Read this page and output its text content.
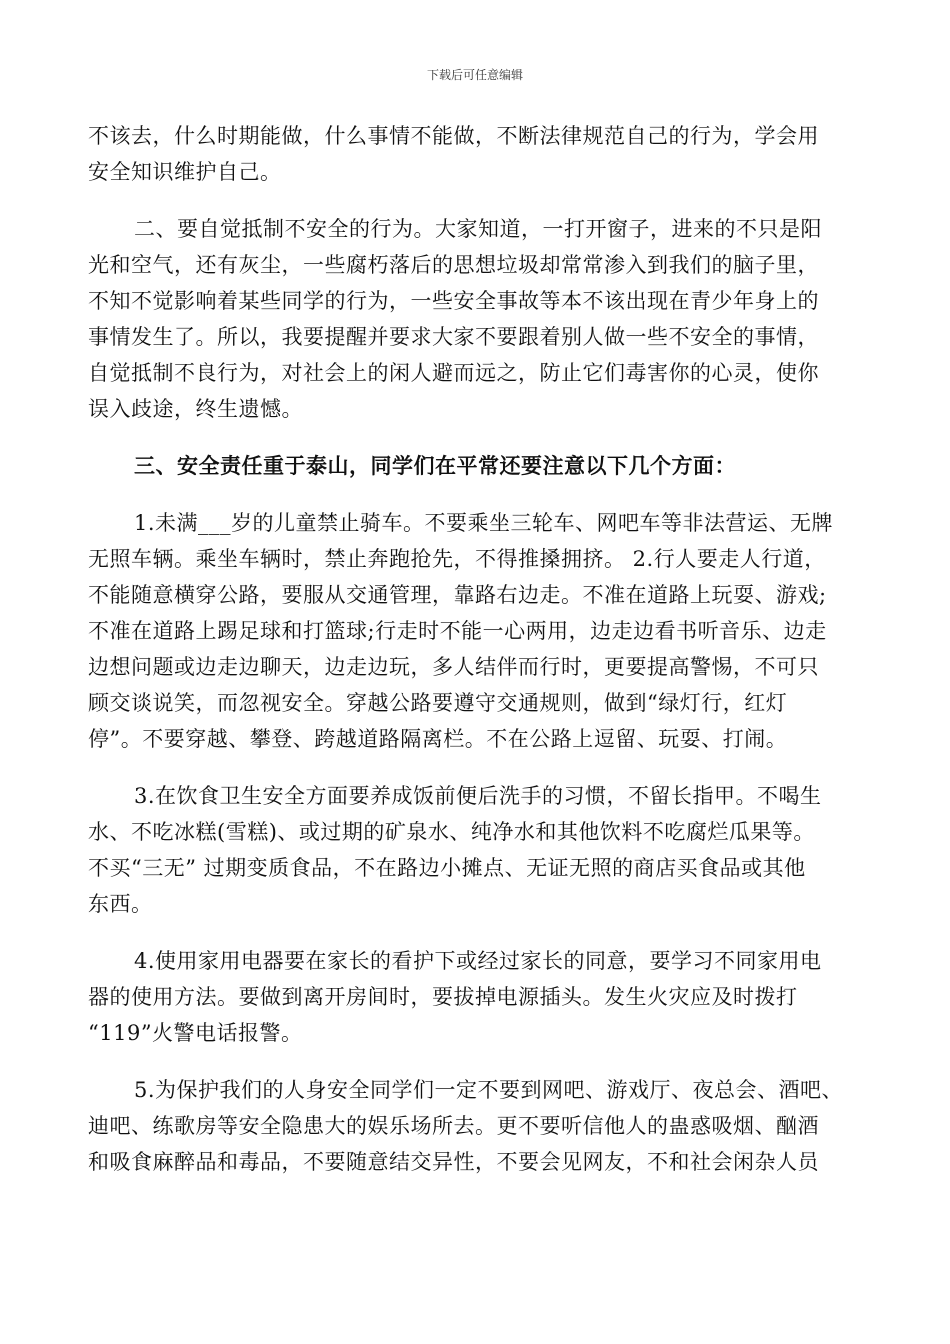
下载后可任意编辑
不该去，什么时期能做，什么事情不能做，不断法律规范自己的行为，学会用
安全知识维护自己。
二、要自觉抵制不安全的行为。大家知道，一打开窗子，进来的不只是阳
光和空气，还有灰尘，一些腐朽落后的思想垃圾却常常渗入到我们的脑子里，
不知不觉影响着某些同学的行为，一些安全事故等本不该出现在青少年身上的
事情发生了。所以，我要提醒并要求大家不要跟着别人做一些不安全的事情，
自觉抵制不良行为，对社会上的闲人避而远之，防止它们毒害你的心灵，使你
误入歧途，终生遗憾。
三、安全责任重于泰山，同学们在平常还要注意以下几个方面：
1.未满___岁的儿童禁止骑车。不要乘坐三轮车、网吧车等非法营运、无牌
无照车辆。乘坐车辆时，禁止奔跑抢先，不得推搡拥挤。 2.行人要走人行道，
不能随意横穿公路，要服从交通管理，靠路右边走。不准在道路上玩耍、游戏;
不准在道路上踢足球和打篮球;行走时不能一心两用，边走边看书听音乐、边走
边想问题或边走边聊天，边走边玩，多人结伴而行时，更要提高警惕，不可只
顾交谈说笑，而忽视安全。穿越公路要遵守交通规则，做到“绿灯行，红灯
停”。不要穿越、攀登、跨越道路隔离栏。不在公路上逗留、玩耍、打闹。
3.在饮食卫生安全方面要养成饭前便后洗手的习惯，不留长指甲。不喝生
水、不吃冰糕(雪糕)、或过期的矿泉水、纯净水和其他饮料不吃腐烂瓜果等。
不买“三无” 过期变质食品，不在路边小摊点、无证无照的商店买食品或其他
东西。
4.使用家用电器要在家长的看护下或经过家长的同意，要学习不同家用电
器的使用方法。要做到离开房间时，要拔掉电源插头。发生火灾应及时拨打
“119”火警电话报警。
5.为保护我们的人身安全同学们一定不要到网吧、游戏厅、夜总会、酒吧、
迪吧、练歌房等安全隐患大的娱乐场所去。更不要听信他人的蛊惑吸烟、酗酒
和吸食麻醉品和毒品，不要随意结交异性，不要会见网友，不和社会闲杂人员
